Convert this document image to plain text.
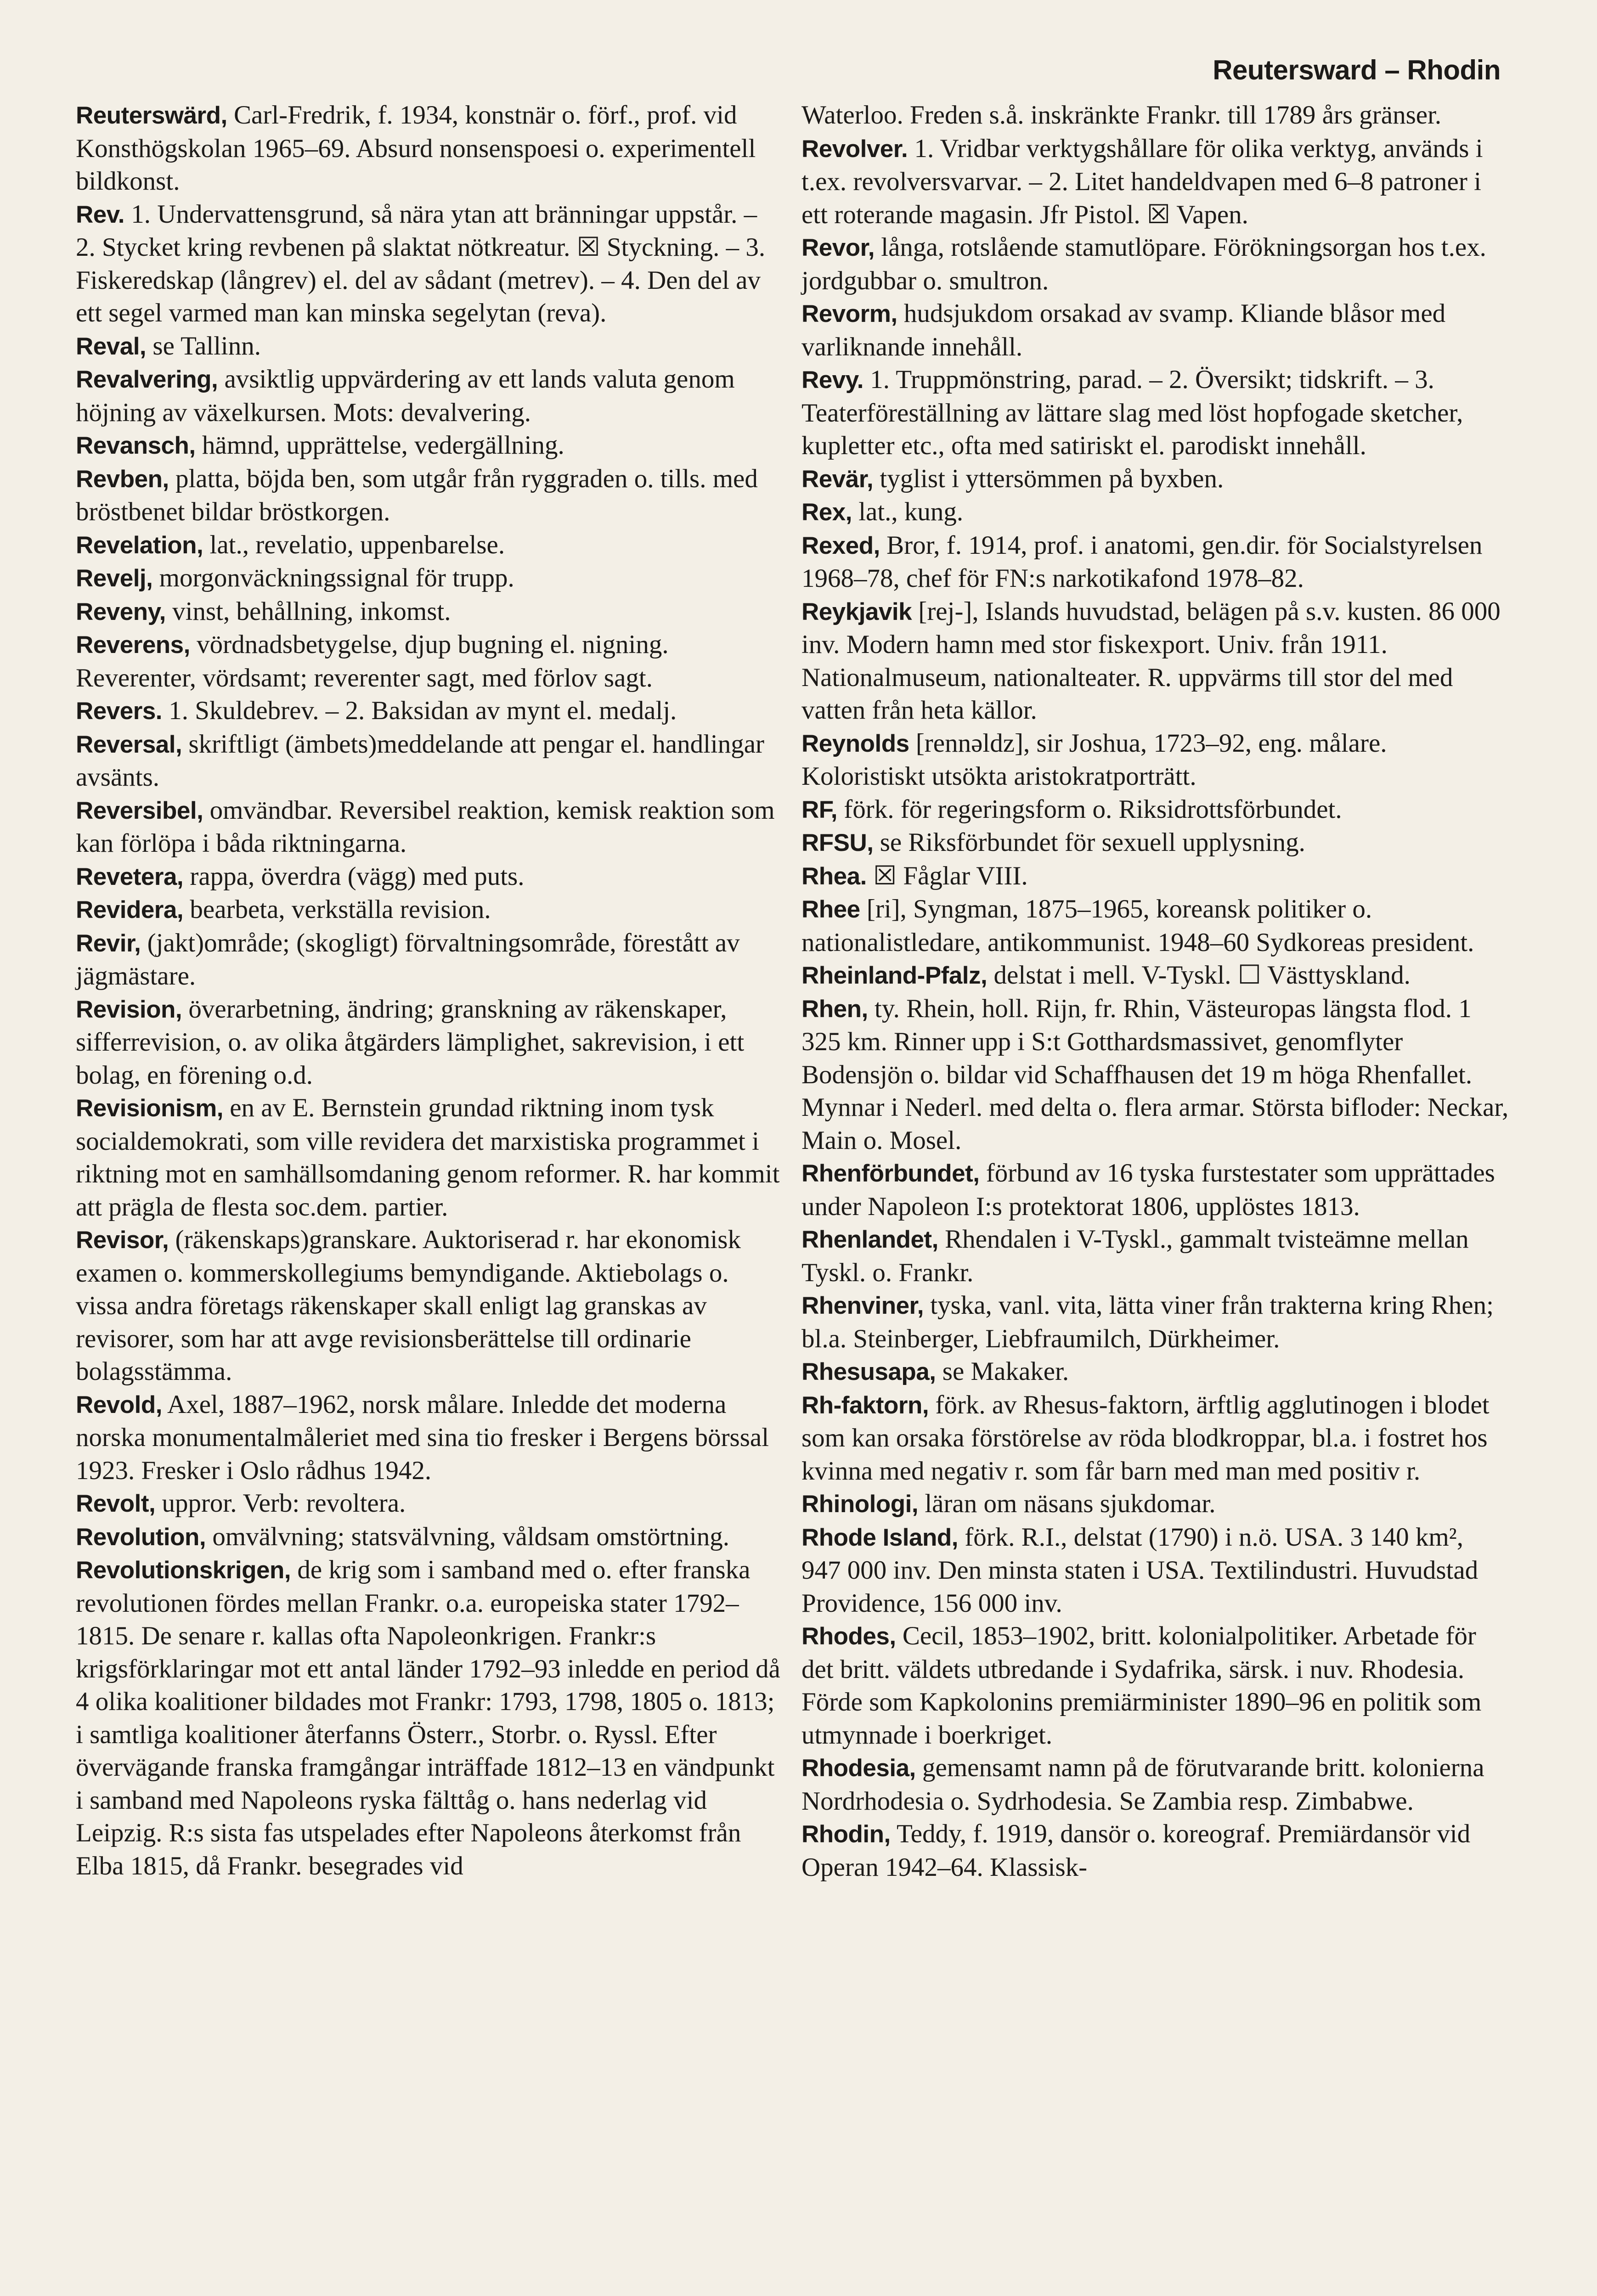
Reutersward – Rhodin

Reuterswärd, Carl-Fredrik, f. 1934, konstnär o. förf., prof. vid Konsthögskolan 1965–69. Absurd nonsenspoesi o. experimentell bildkonst.

Rev. 1. Undervattensgrund, så nära ytan att bränningar uppstår. – 2. Stycket kring revbenen på slaktat nötkreatur. ☒ Styckning. – 3. Fiskeredskap (långrev) el. del av sådant (metrev). – 4. Den del av ett segel varmed man kan minska segelytan (reva).

Reval, se Tallinn.

Revalvering, avsiktlig uppvärdering av ett lands valuta genom höjning av växelkursen. Mots: devalvering.

Revansch, hämnd, upprättelse, vedergällning.

Revben, platta, böjda ben, som utgår från ryggraden o. tills. med bröstbenet bildar bröstkorgen.

Revelation, lat., revelatio, uppenbarelse.

Revelj, morgonväckningssignal för trupp.

Reveny, vinst, behållning, inkomst.

Reverens, vördnadsbetygelse, djup bugning el. nigning. Reverenter, vördsamt; reverenter sagt, med förlov sagt.

Revers. 1. Skuldebrev. – 2. Baksidan av mynt el. medalj.

Reversal, skriftligt (ämbets)meddelande att pengar el. handlingar avsänts.

Reversibel, omvändbar. Reversibel reaktion, kemisk reaktion som kan förlöpa i båda riktningarna.

Revetera, rappa, överdra (vägg) med puts.

Revidera, bearbeta, verkställa revision.

Revir, (jakt)område; (skogligt) förvaltningsområde, förestått av jägmästare.

Revision, överarbetning, ändring; granskning av räkenskaper, sifferrevision, o. av olika åtgärders lämplighet, sakrevision, i ett bolag, en förening o.d.

Revisionism, en av E. Bernstein grundad riktning inom tysk socialdemokrati, som ville revidera det marxistiska programmet i riktning mot en samhällsomdaning genom reformer. R. har kommit att prägla de flesta soc.dem. partier.

Revisor, (räkenskaps)granskare. Auktoriserad r. har ekonomisk examen o. kommerskollegiums bemyndigande. Aktiebolags o. vissa andra företags räkenskaper skall enligt lag granskas av revisorer, som har att avge revisionsberättelse till ordinarie bolagsstämma.

Revold, Axel, 1887–1962, norsk målare. Inledde det moderna norska monumentalmåleriet med sina tio fresker i Bergens börssal 1923. Fresker i Oslo rådhus 1942.

Revolt, uppror. Verb: revoltera.

Revolution, omvälvning; statsvälvning, våldsam omstörtning.

Revolutionskrigen, de krig som i samband med o. efter franska revolutionen fördes mellan Frankr. o.a. europeiska stater 1792–1815. De senare r. kallas ofta Napoleonkrigen. Frankr:s krigsförklaringar mot ett antal länder 1792–93 inledde en period då 4 olika koalitioner bildades mot Frankr: 1793, 1798, 1805 o. 1813; i samtliga koalitioner återfanns Österr., Storbr. o. Ryssl. Efter övervägande franska framgångar inträffade 1812–13 en vändpunkt i samband med Napoleons ryska fälttåg o. hans nederlag vid Leipzig. R:s sista fas utspelades efter Napoleons återkomst från Elba 1815, då Frankr. besegrades vid

Waterloo. Freden s.å. inskränkte Frankr. till 1789 års gränser.

Revolver. 1. Vridbar verktygshållare för olika verktyg, används i t.ex. revolversvarvar. – 2. Litet handeldvapen med 6–8 patroner i ett roterande magasin. Jfr Pistol. ☒ Vapen.

Revor, långa, rotslående stamutlöpare. Förökningsorgan hos t.ex. jordgubbar o. smultron.

Revorm, hudsjukdom orsakad av svamp. Kliande blåsor med varliknande innehåll.

Revy. 1. Truppmönstring, parad. – 2. Översikt; tidskrift. – 3. Teaterföreställning av lättare slag med löst hopfogade sketcher, kupletter etc., ofta med satiriskt el. parodiskt innehåll.

Revär, tyglist i yttersömmen på byxben.

Rex, lat., kung.

Rexed, Bror, f. 1914, prof. i anatomi, gen.dir. för Socialstyrelsen 1968–78, chef för FN:s narkotikafond 1978–82.

Reykjavik [rej-], Islands huvudstad, belägen på s.v. kusten. 86 000 inv. Modern hamn med stor fiskexport. Univ. från 1911. Nationalmuseum, nationalteater. R. uppvärms till stor del med vatten från heta källor.

Reynolds [rennəldz], sir Joshua, 1723–92, eng. målare. Koloristiskt utsökta aristokratporträtt.

RF, förk. för regeringsform o. Riksidrottsförbundet.

RFSU, se Riksförbundet för sexuell upplysning.

Rhea. ☒ Fåglar VIII.

Rhee [ri], Syngman, 1875–1965, koreansk politiker o. nationalistledare, antikommunist. 1948–60 Sydkoreas president.

Rheinland-Pfalz, delstat i mell. V-Tyskl. ☐ Västtyskland.

Rhen, ty. Rhein, holl. Rijn, fr. Rhin, Västeuropas längsta flod. 1 325 km. Rinner upp i S:t Gotthardsmassivet, genomflyter Bodensjön o. bildar vid Schaffhausen det 19 m höga Rhenfallet. Mynnar i Nederl. med delta o. flera armar. Största bifloder: Neckar, Main o. Mosel.

Rhenförbundet, förbund av 16 tyska furstestater som upprättades under Napoleon I:s protektorat 1806, upplöstes 1813.

Rhenlandet, Rhendalen i V-Tyskl., gammalt tvisteämne mellan Tyskl. o. Frankr.

Rhenviner, tyska, vanl. vita, lätta viner från trakterna kring Rhen; bl.a. Steinberger, Liebfraumilch, Dürkheimer.

Rhesusapa, se Makaker.

Rh-faktorn, förk. av Rhesus-faktorn, ärftlig agglutinogen i blodet som kan orsaka förstörelse av röda blodkroppar, bl.a. i fostret hos kvinna med negativ r. som får barn med man med positiv r.

Rhinologi, läran om näsans sjukdomar.

Rhode Island, förk. R.I., delstat (1790) i n.ö. USA. 3 140 km², 947 000 inv. Den minsta staten i USA. Textilindustri. Huvudstad Providence, 156 000 inv.

Rhodes, Cecil, 1853–1902, britt. kolonialpolitiker. Arbetade för det britt. väldets utbredande i Sydafrika, särsk. i nuv. Rhodesia. Förde som Kapkolonins premiärminister 1890–96 en politik som utmynnade i boerkriget.

Rhodesia, gemensamt namn på de förutvarande britt. kolonierna Nordrhodesia o. Sydrhodesia. Se Zambia resp. Zimbabwe.

Rhodin, Teddy, f. 1919, dansör o. koreograf. Premiärdansör vid Operan 1942–64. Klassisk-
